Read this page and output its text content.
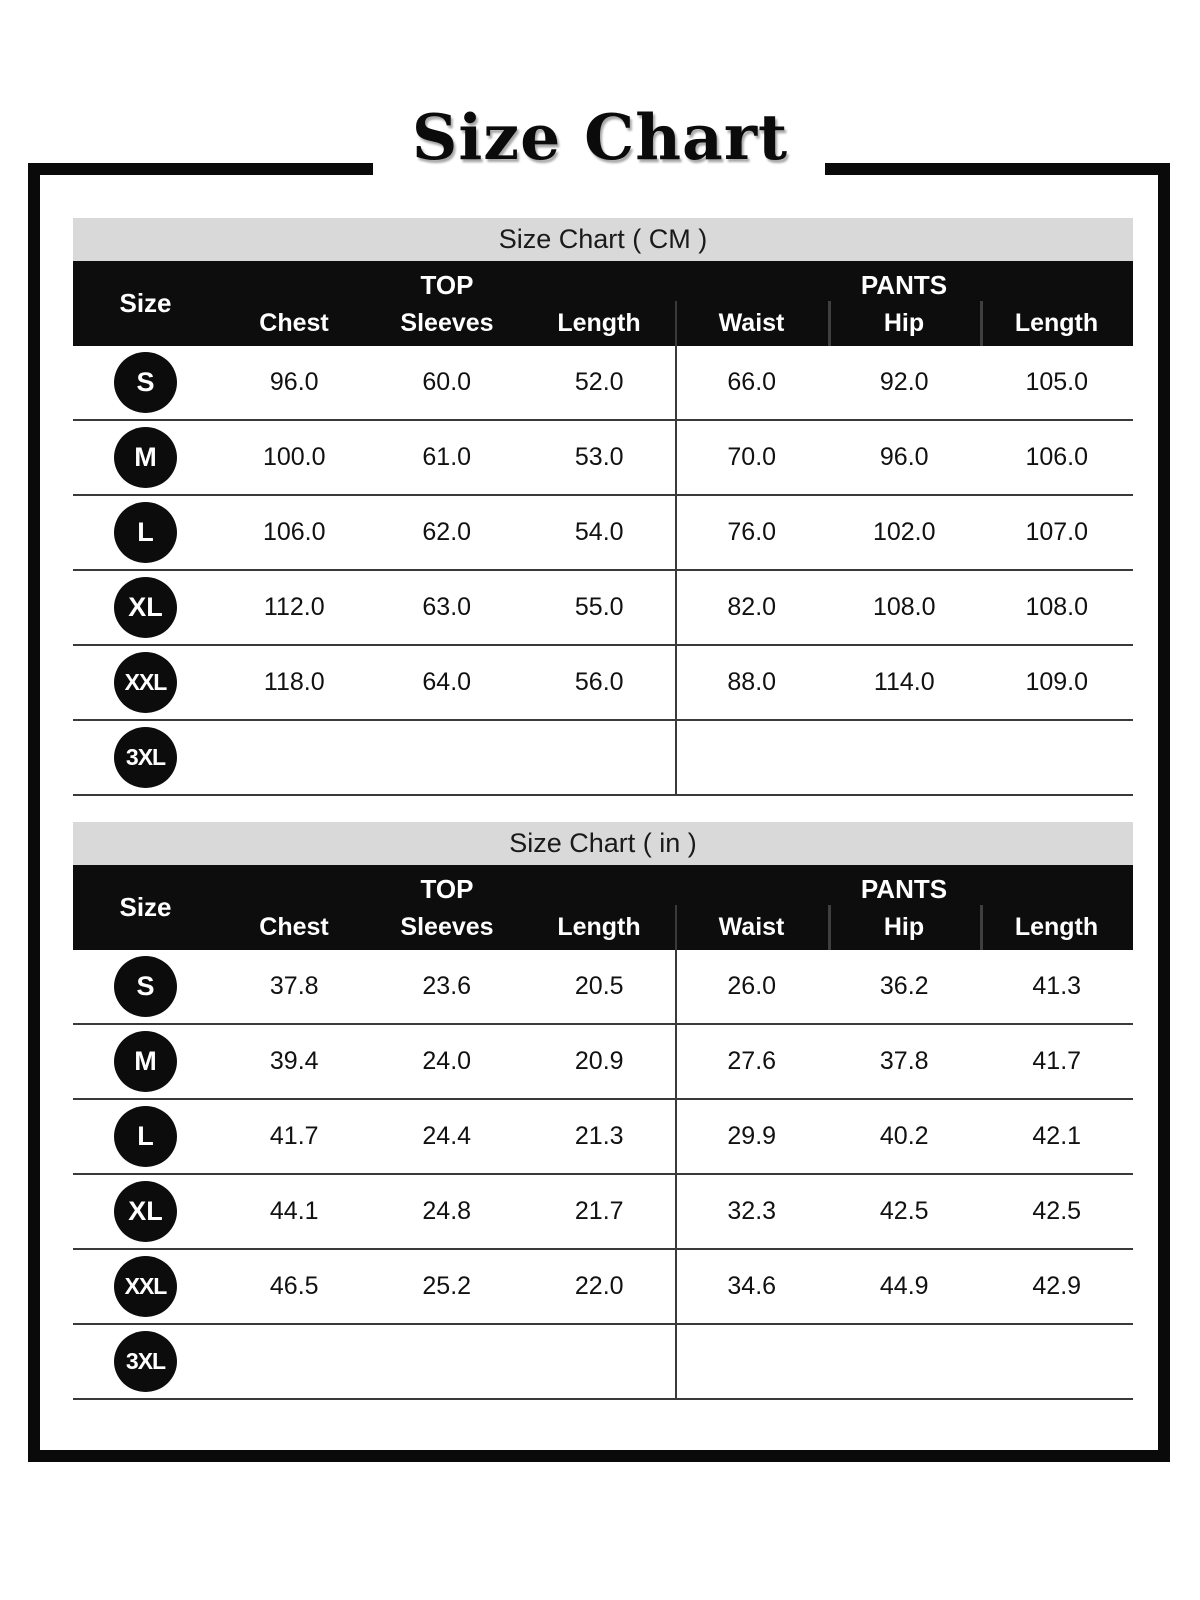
Size Chart
Size Chart ( CM )
Size
TOP	PANTS
Chest	Sleeves	Length	Waist	Hip	Length
S	96.0	60.0	52.0	66.0	92.0	105.0
M	100.0	61.0	53.0	70.0	96.0	106.0
L	106.0	62.0	54.0	76.0	102.0	107.0
XL	112.0	63.0	55.0	82.0	108.0	108.0
XXL	118.0	64.0	56.0	88.0	114.0	109.0
3XL
Size Chart ( in )
Size
TOP	PANTS
Chest	Sleeves	Length	Waist	Hip	Length
S	37.8	23.6	20.5	26.0	36.2	41.3
M	39.4	24.0	20.9	27.6	37.8	41.7
L	41.7	24.4	21.3	29.9	40.2	42.1
XL	44.1	24.8	21.7	32.3	42.5	42.5
XXL	46.5	25.2	22.0	34.6	44.9	42.9
3XL
